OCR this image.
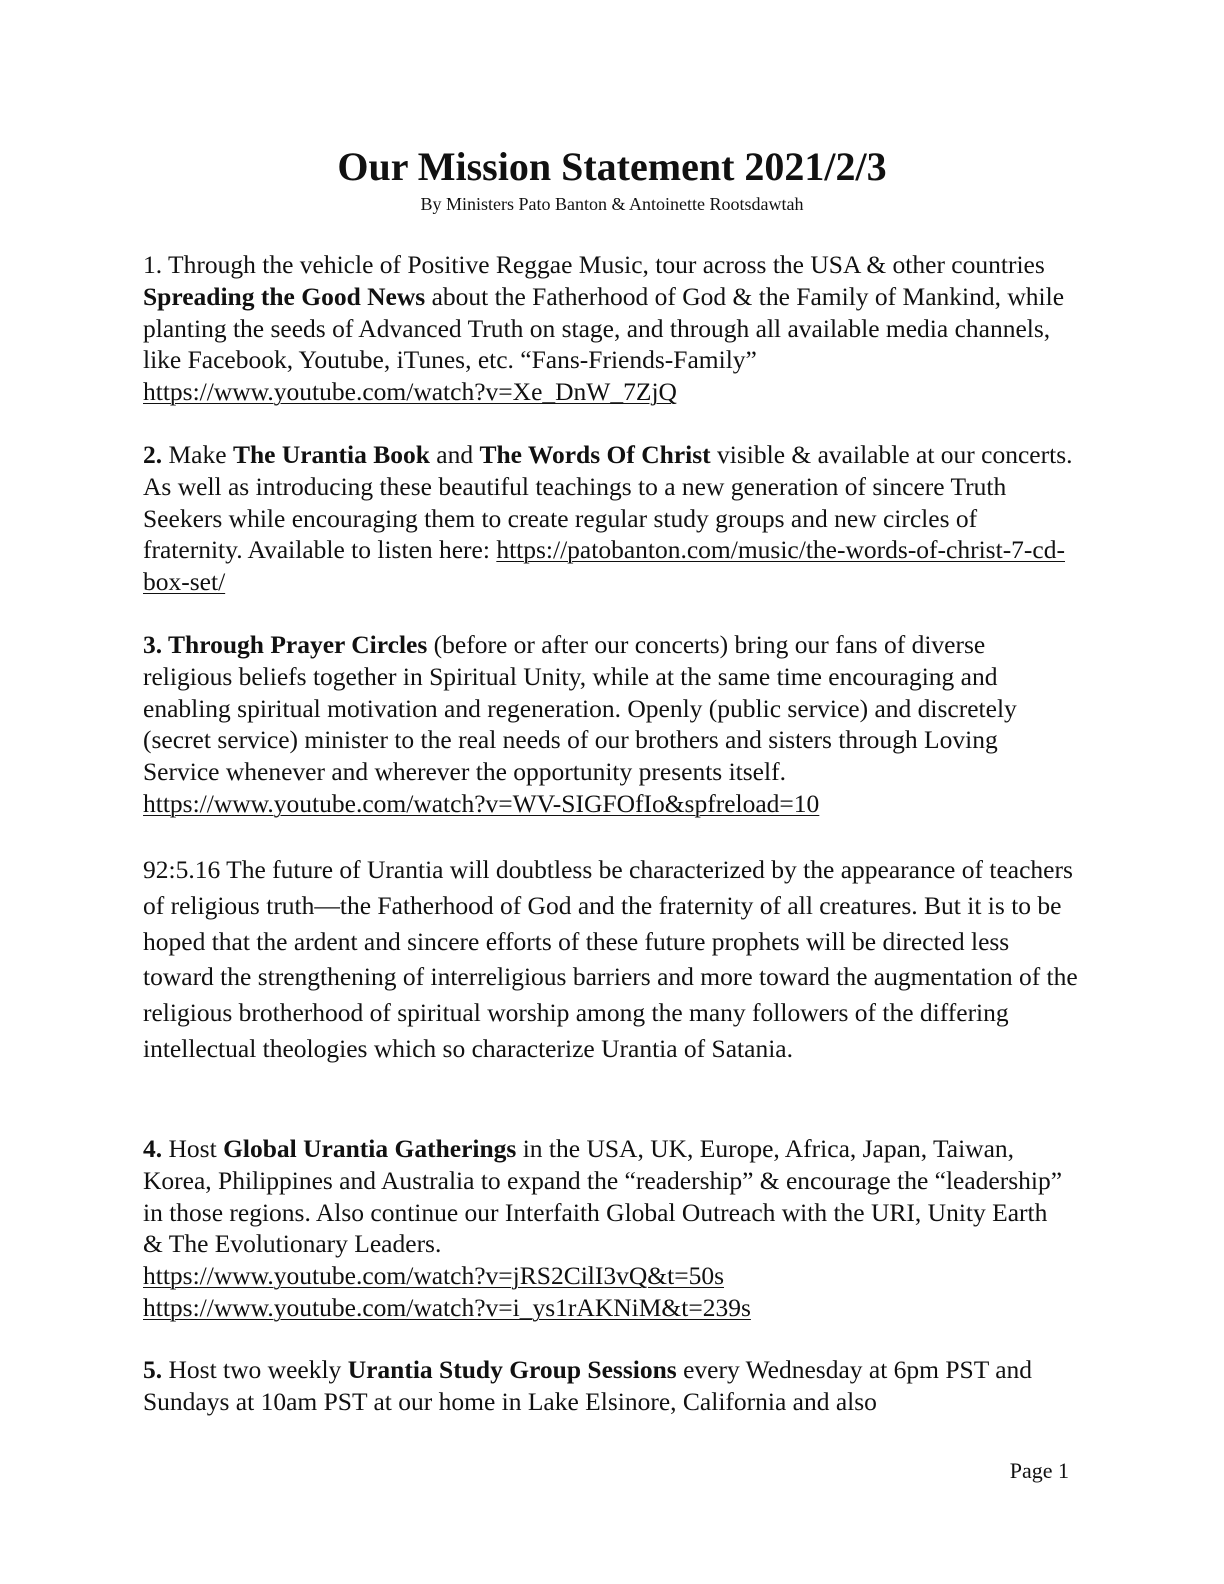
Our Mission Statement 2021/2/3

By Ministers Pato Banton & Antoinette Rootsdawtah

1. Through the vehicle of Positive Reggae Music, tour across the USA & other countries Spreading the Good News about the Fatherhood of God & the Family of Mankind, while planting the seeds of Advanced Truth on stage, and through all available media channels, like Facebook, Youtube, iTunes, etc. “Fans-Friends-Family” https://www.youtube.com/watch?v=Xe_DnW_7ZjQ

2. Make The Urantia Book and The Words Of Christ visible & available at our concerts. As well as introducing these beautiful teachings to a new generation of sincere Truth Seekers while encouraging them to create regular study groups and new circles of fraternity. Available to listen here: https://patobanton.com/music/the-words-of-christ-7-cd-box-set/

3. Through Prayer Circles (before or after our concerts) bring our fans of diverse religious beliefs together in Spiritual Unity, while at the same time encouraging and enabling spiritual motivation and regeneration. Openly (public service) and discretely (secret service) minister to the real needs of our brothers and sisters through Loving Service whenever and wherever the opportunity presents itself. https://www.youtube.com/watch?v=WV-SIGFOfIo&spfreload=10

92:5.16 The future of Urantia will doubtless be characterized by the appearance of teachers of religious truth—the Fatherhood of God and the fraternity of all creatures. But it is to be hoped that the ardent and sincere efforts of these future prophets will be directed less toward the strengthening of interreligious barriers and more toward the augmentation of the religious brotherhood of spiritual worship among the many followers of the differing intellectual theologies which so characterize Urantia of Satania.

4. Host Global Urantia Gatherings in the USA, UK, Europe, Africa, Japan, Taiwan, Korea, Philippines and Australia to expand the “readership” & encourage the “leadership” in those regions. Also continue our Interfaith Global Outreach with the URI, Unity Earth & The Evolutionary Leaders.
https://www.youtube.com/watch?v=jRS2CilI3vQ&t=50s
https://www.youtube.com/watch?v=i_ys1rAKNiM&t=239s

5. Host two weekly Urantia Study Group Sessions every Wednesday at 6pm PST and Sundays at 10am PST at our home in Lake Elsinore, California and also

Page 1
